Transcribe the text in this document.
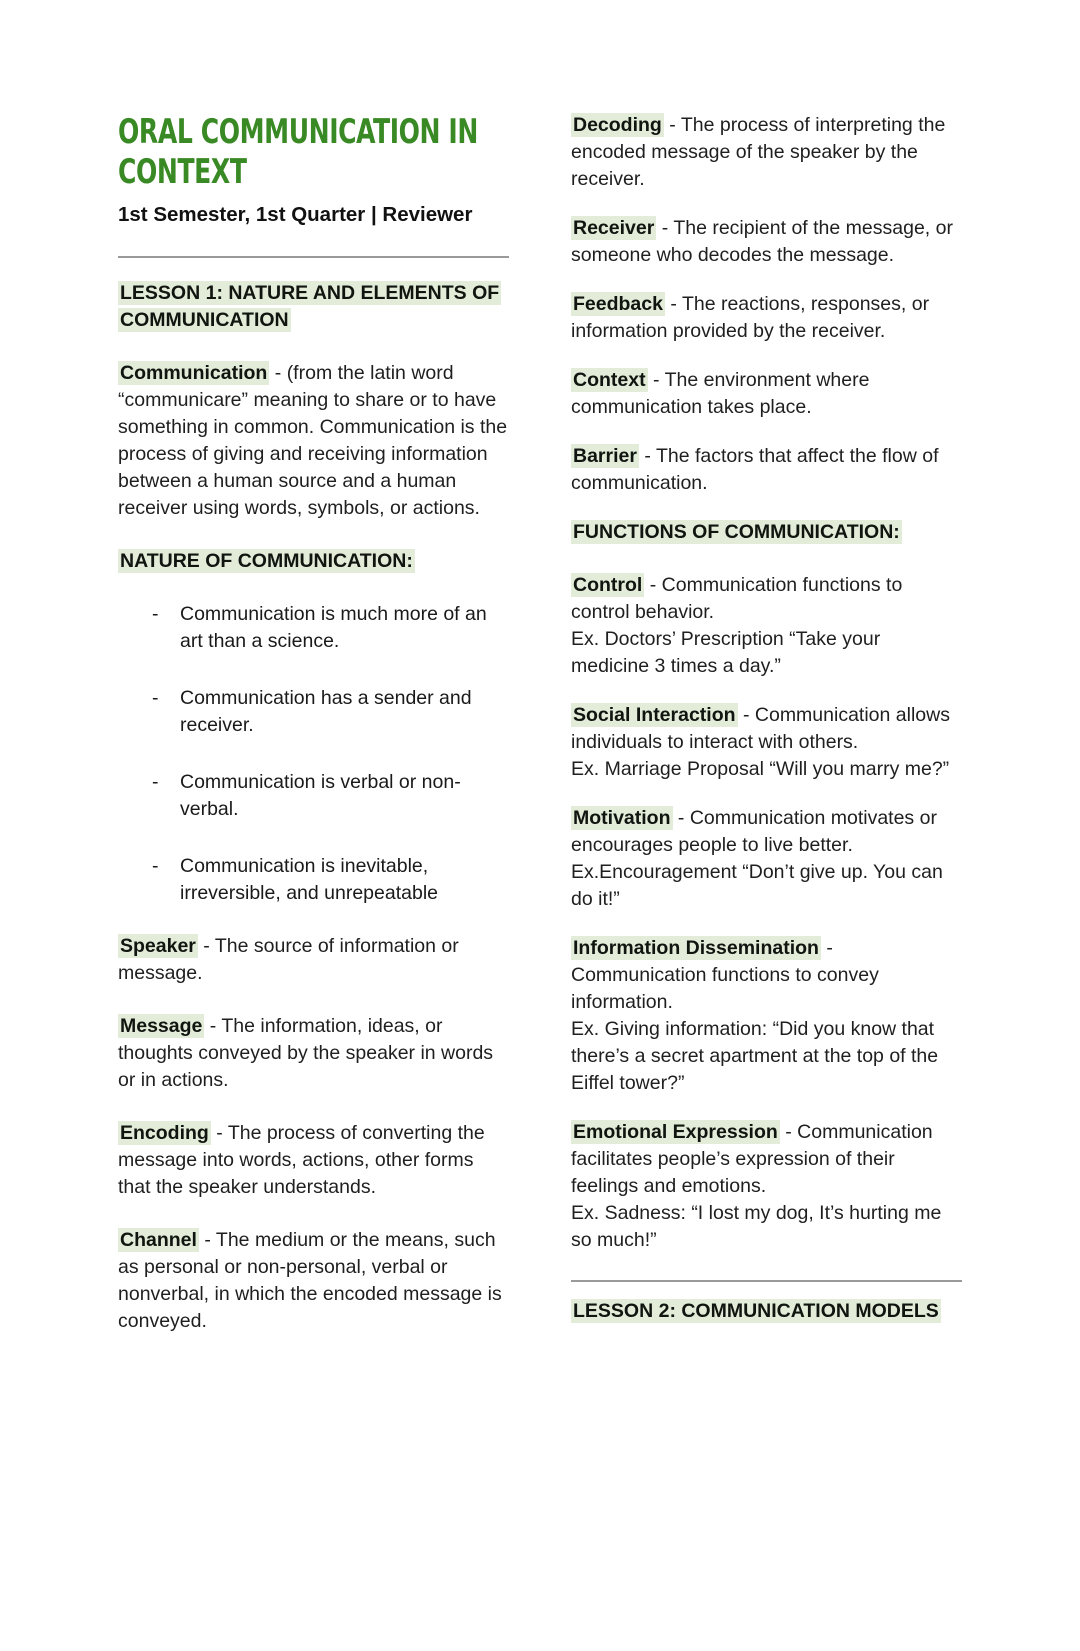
ORAL COMMUNICATION IN CONTEXT
1st Semester, 1st Quarter | Reviewer
LESSON 1: NATURE AND ELEMENTS OF COMMUNICATION

Communication - (from the latin word “communicare” meaning to share or to have something in common. Communication is the process of giving and receiving information between a human source and a human receiver using words, symbols, or actions.

NATURE OF COMMUNICATION:
- Communication is much more of an art than a science.
- Communication has a sender and receiver.
- Communication is verbal or non-verbal.
- Communication is inevitable, irreversible, and unrepeatable

Speaker - The source of information or message.

Message - The information, ideas, or thoughts conveyed by the speaker in words or in actions.

Encoding - The process of converting the message into words, actions, other forms that the speaker understands.

Channel - The medium or the means, such as personal or non-personal, verbal or nonverbal, in which the encoded message is conveyed.

Decoding - The process of interpreting the encoded message of the speaker by the receiver.

Receiver - The recipient of the message, or someone who decodes the message.

Feedback - The reactions, responses, or information provided by the receiver.

Context - The environment where communication takes place.

Barrier - The factors that affect the flow of communication.

FUNCTIONS OF COMMUNICATION:

Control - Communication functions to control behavior.

Ex. Doctors’ Prescription “Take your medicine 3 times a day.”

Social Interaction - Communication allows individuals to interact with others.

Ex. Marriage Proposal “Will you marry me?”

Motivation - Communication motivates or encourages people to live better.

Ex.Encouragement “Don’t give up. You can do it!”

Information Dissemination - Communication functions to convey information.

Ex. Giving information: “Did you know that there’s a secret apartment at the top of the Eiffel tower?”

Emotional Expression - Communication facilitates people’s expression of their feelings and emotions.

Ex. Sadness: “I lost my dog, It’s hurting me so much!”

LESSON 2: COMMUNICATION MODELS
